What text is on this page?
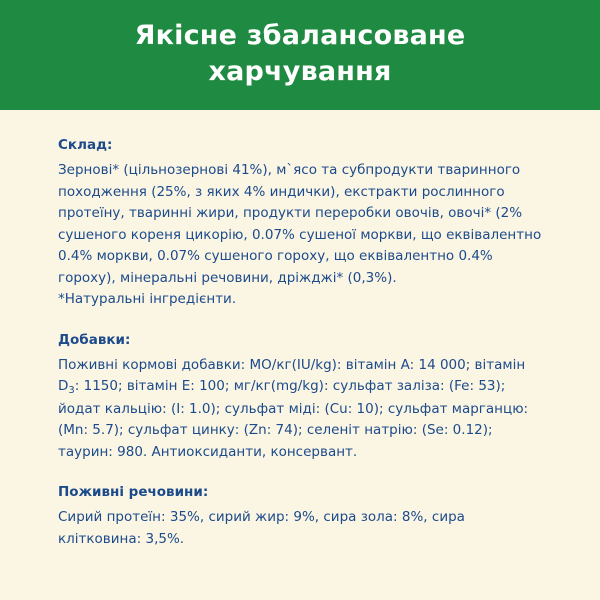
Якісне збалансоване харчування
Склад:

Зернові* (цільнозернові 41%), м`ясо та субпродукти тваринного походження (25%, з яких 4% индички), екстракти рослинного протеїну, тваринні жири, продукти переробки овочів, овочі* (2% сушеного кореня цикорію, 0.07% сушеної моркви, що еквівалентно 0.4% моркви, 0.07% сушеного гороху, що еквівалентно 0.4% гороху), мінеральні речовини, дріжджі* (0,3%).

*Натуральні інгредієнти.

Добавки:

Поживні кормові добавки: МО/кг(IU/kg): вітамін A: 14 000; вітамін $D_3$: 1150; вітамін E: 100; мг/кг(mg/kg): сульфат заліза: (Fe: 53); йодат кальцію: (I: 1.0); сульфат міді: (Cu: 10); сульфат марганцю: (Mn: 5.7); сульфат цинку: (Zn: 74); селеніт натрію: (Se: 0.12); таурин: 980. Антиоксиданти, консервант.

Поживні речовини:

Сирий протеїн: 35%, сирий жир: 9%, сира зола: 8%, сира клітковина: 3,5%.
